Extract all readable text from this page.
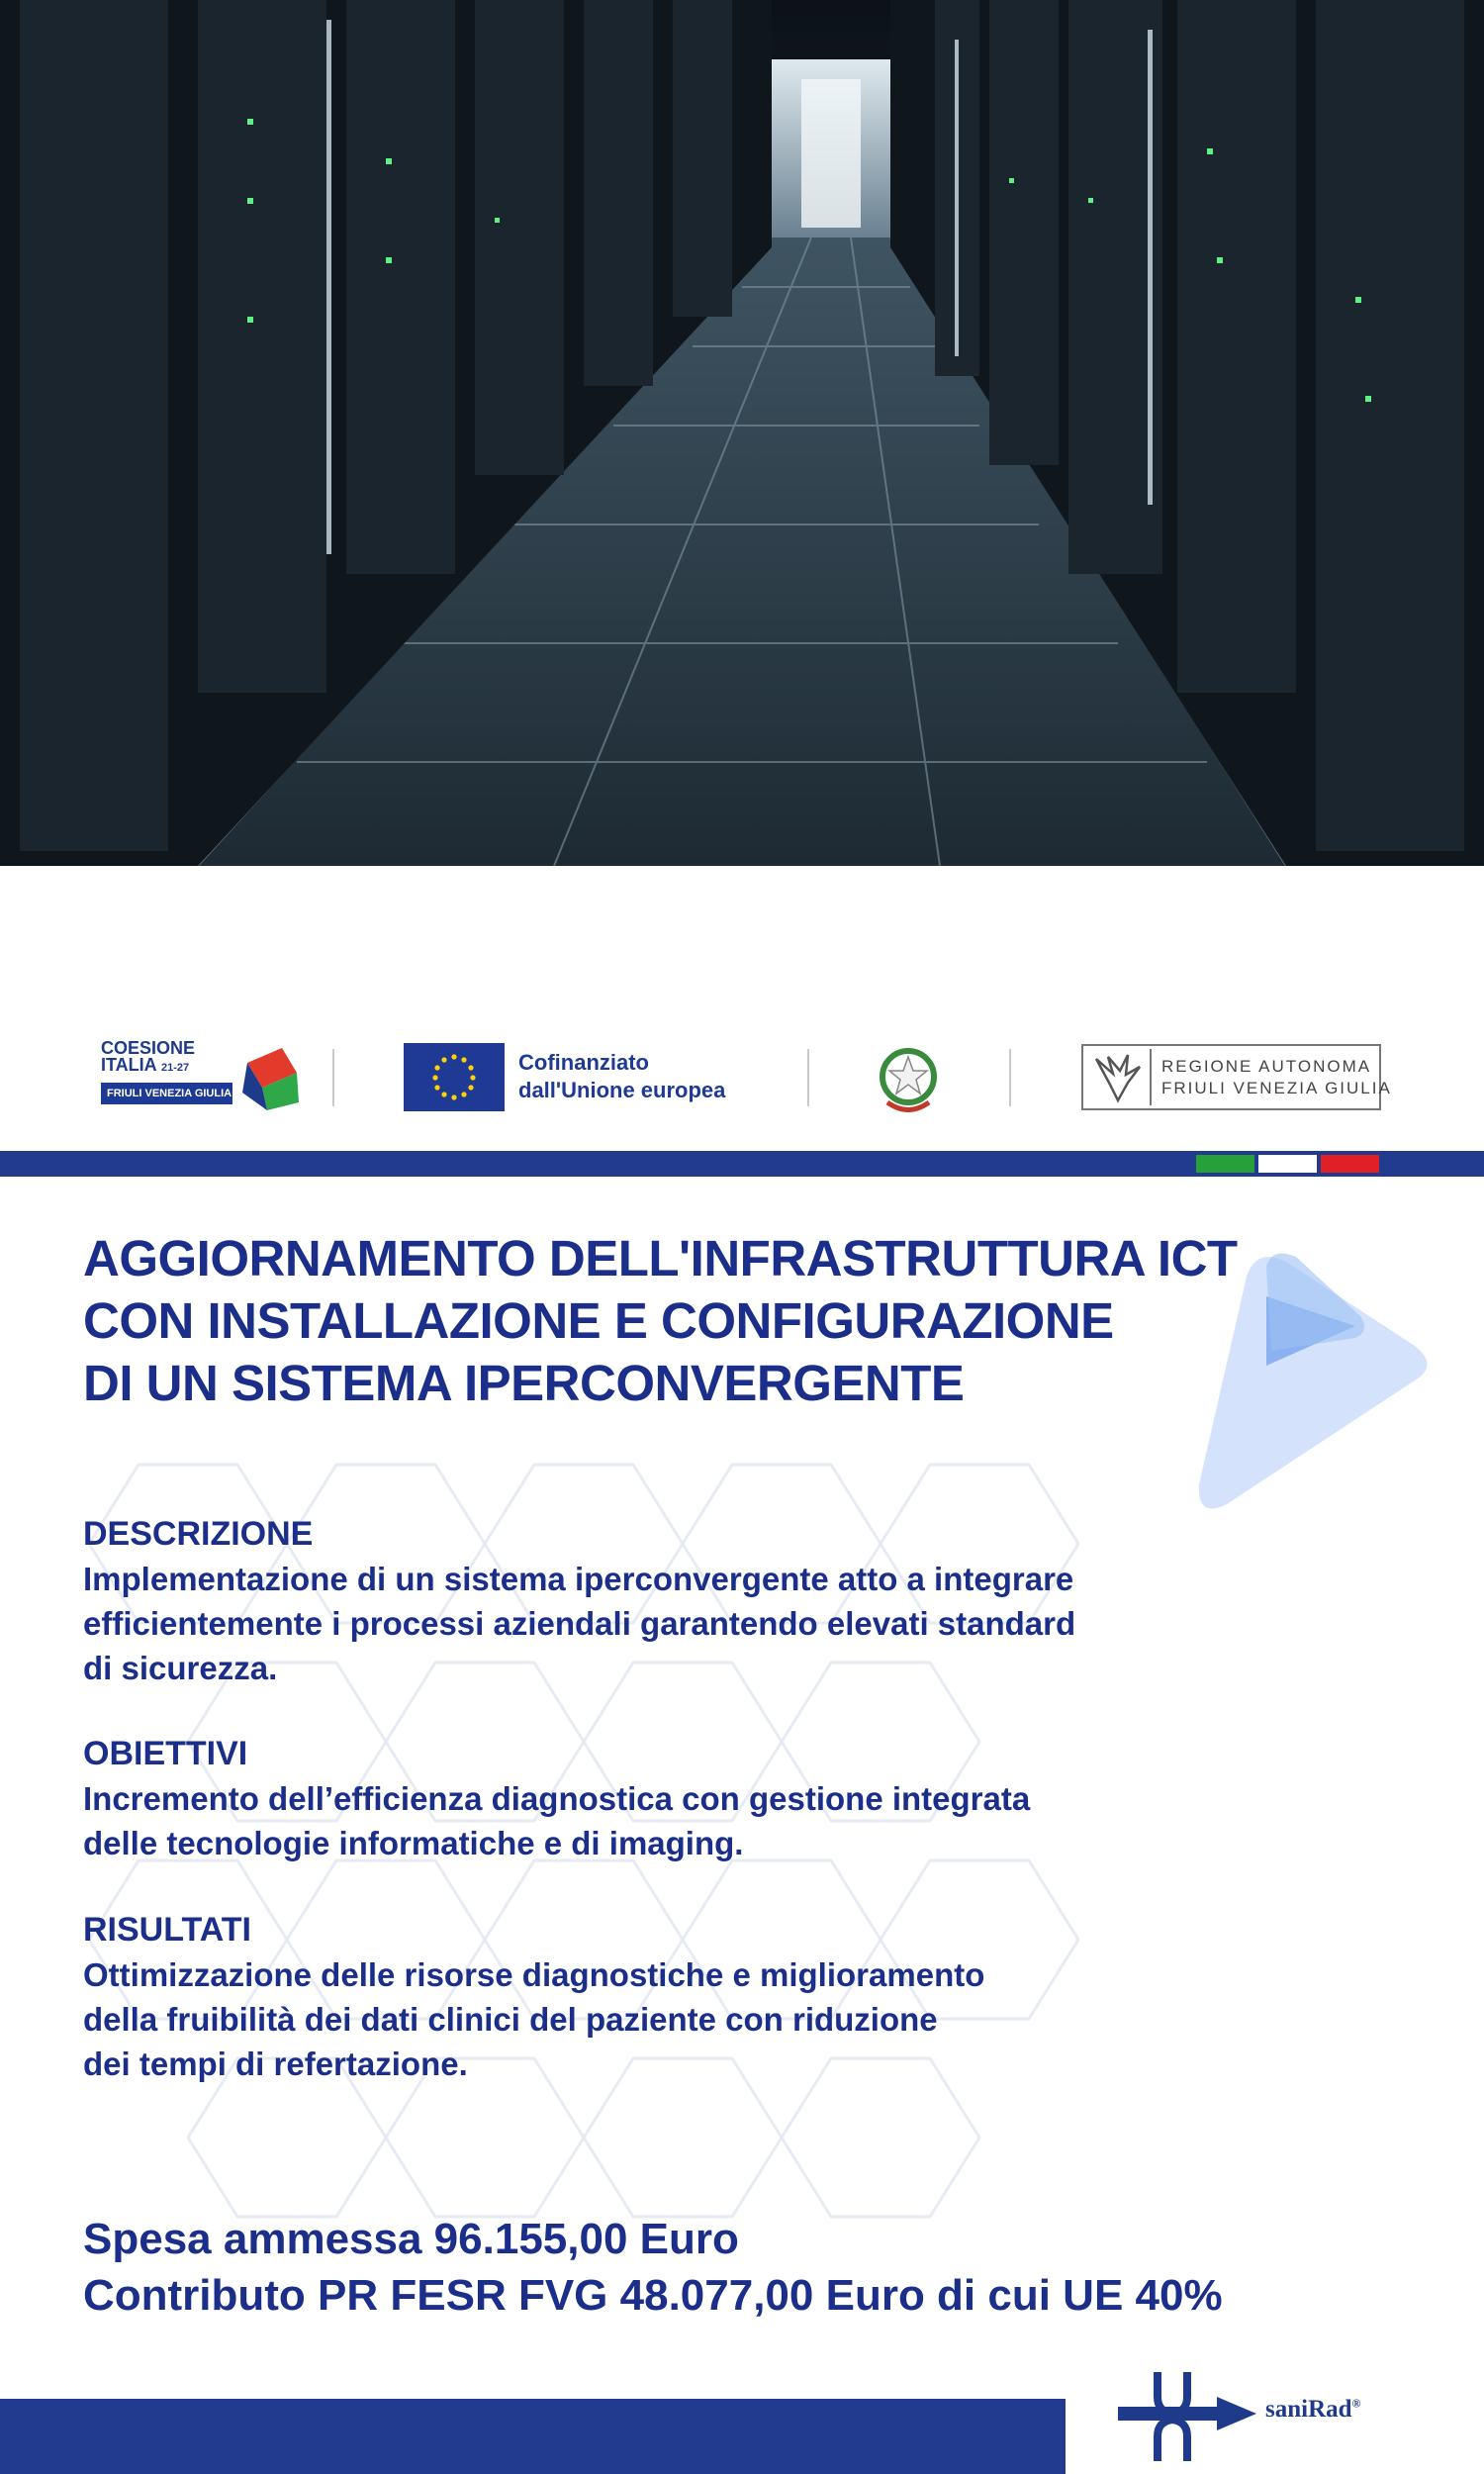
COESIONE
ITALIA 21-27
FRIULI VENEZIA GIULIA
Cofinanziato
dall'Unione europea
REGIONE AUTONOMA
FRIULI VENEZIA GIULIA
AGGIORNAMENTO DELL'INFRASTRUTTURA ICT
CON INSTALLAZIONE E CONFIGURAZIONE
DI UN SISTEMA IPERCONVERGENTE
DESCRIZIONE
Implementazione di un sistema iperconvergente atto a integrare
efficientemente i processi aziendali garantendo elevati standard
di sicurezza.
OBIETTIVI
Incremento dell’efficienza diagnostica con gestione integrata
delle tecnologie informatiche e di imaging.
RISULTATI
Ottimizzazione delle risorse diagnostiche e miglioramento
della fruibilità dei dati clinici del paziente con riduzione
dei tempi di refertazione.
Spesa ammessa 96.155,00 Euro
Contributo PR FESR FVG 48.077,00 Euro di cui UE 40%
saniRad®
